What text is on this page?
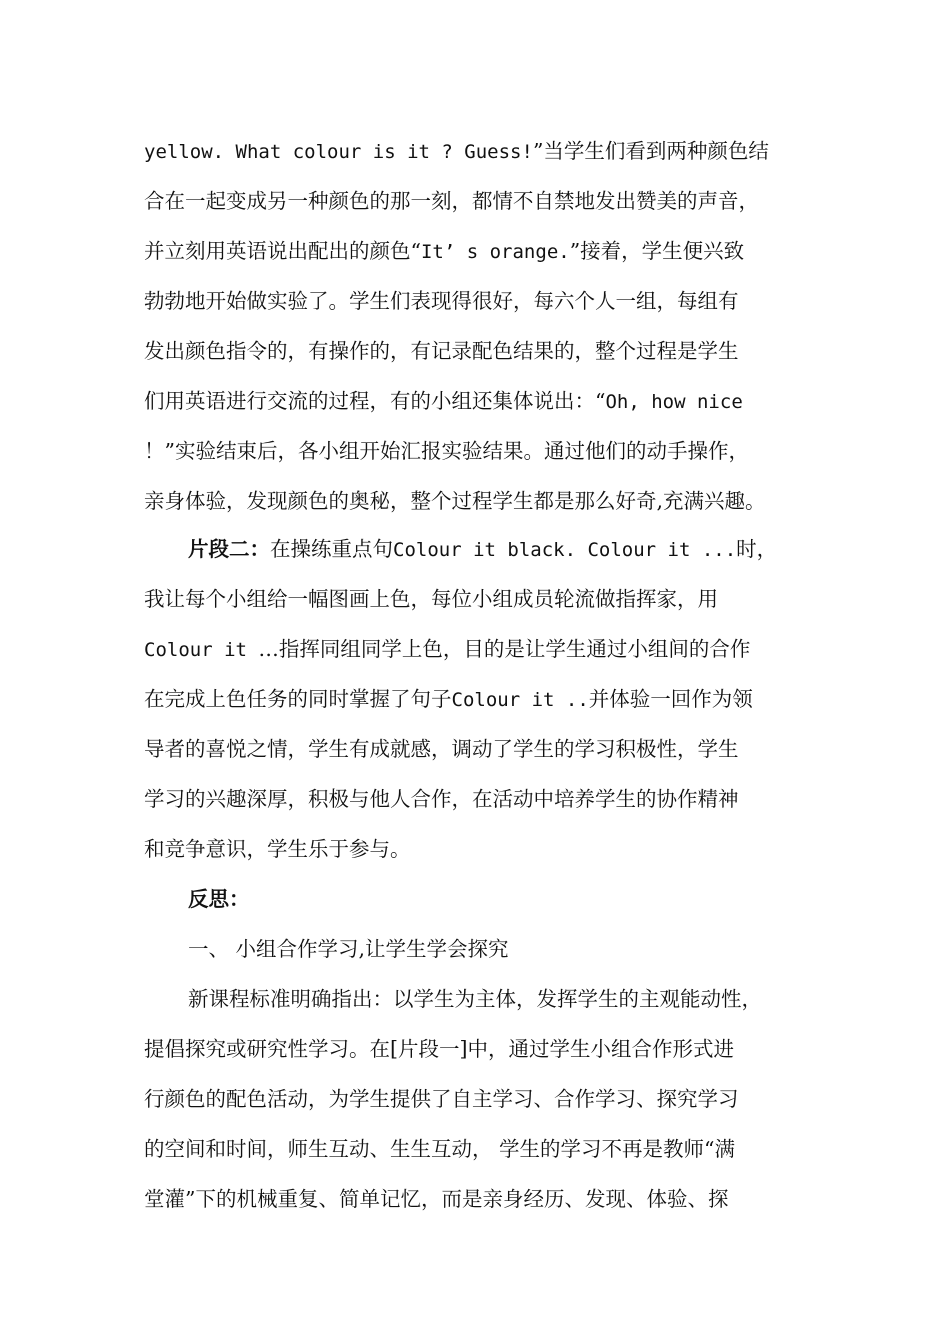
yellow. What colour is it ? Guess!”当学生们看到两种颜色结
合在一起变成另一种颜色的那一刻，都情不自禁地发出赞美的声音，
并立刻用英语说出配出的颜色“It’ s orange.”接着，学生便兴致
勃勃地开始做实验了。学生们表现得很好，每六个人一组，每组有
发出颜色指令的，有操作的，有记录配色结果的，整个过程是学生
们用英语进行交流的过程，有的小组还集体说出：“Oh, how nice
！”实验结束后，各小组开始汇报实验结果。通过他们的动手操作，
亲身体验，发现颜色的奥秘，整个过程学生都是那么好奇,充满兴趣。
片段二：在操练重点句Colour it black. Colour it ...时，
我让每个小组给一幅图画上色，每位小组成员轮流做指挥家，用
Colour it …指挥同组同学上色，目的是让学生通过小组间的合作
在完成上色任务的同时掌握了句子Colour it ..并体验一回作为领
导者的喜悦之情，学生有成就感，调动了学生的学习积极性，学生
学习的兴趣深厚，积极与他人合作，在活动中培养学生的协作精神
和竞争意识，学生乐于参与。
反思：
一、 小组合作学习,让学生学会探究
新课程标准明确指出：以学生为主体，发挥学生的主观能动性，
提倡探究或研究性学习。在[片段一]中，通过学生小组合作形式进
行颜色的配色活动，为学生提供了自主学习、合作学习、探究学习
的空间和时间，师生互动、生生互动， 学生的学习不再是教师“满
堂灌”下的机械重复、简单记忆，而是亲身经历、发现、体验、探
